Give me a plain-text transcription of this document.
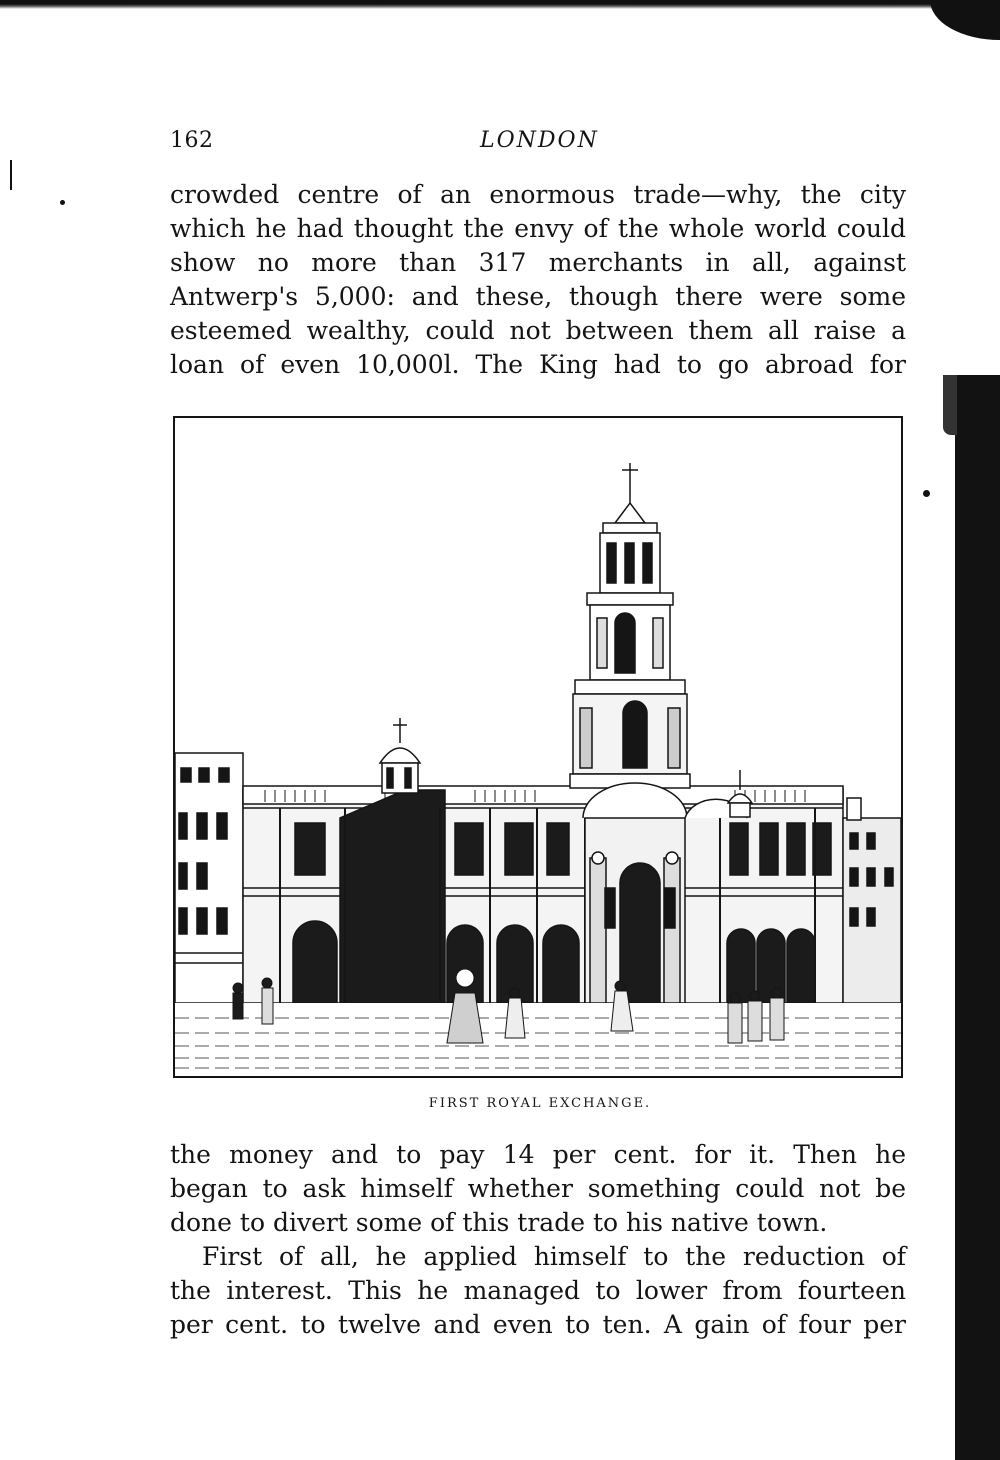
162	LONDON
crowded centre of an enormous trade—why, the city
which he had thought the envy of the whole world could
show no more than 317 merchants in all, against
Antwerp's 5,000: and these, though there were some
esteemed wealthy, could not between them all raise a
loan of even 10,000l. The King had to go abroad for
FIRST ROYAL EXCHANGE.
the money and to pay 14 per cent. for it. Then he
began to ask himself whether something could not be
done to divert some of this trade to his native town.
First of all, he applied himself to the reduction of
the interest. This he managed to lower from fourteen
per cent. to twelve and even to ten. A gain of four per
